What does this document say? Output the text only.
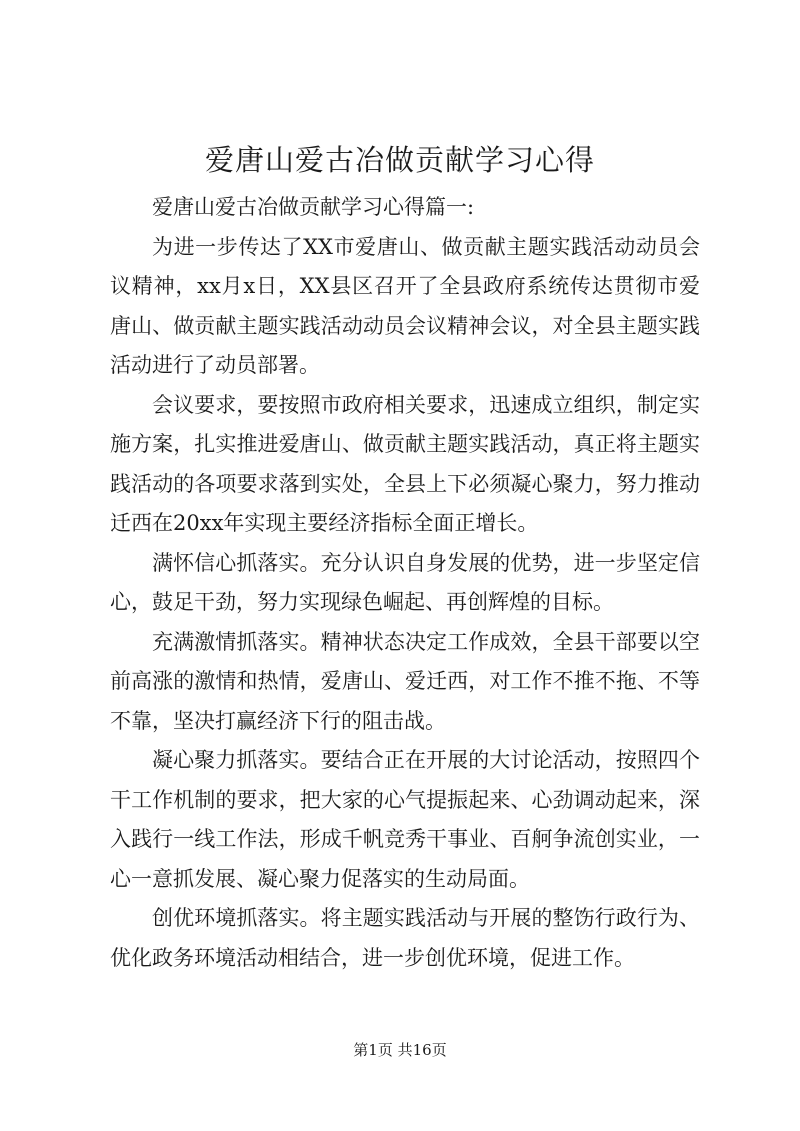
爱唐山爱古冶做贡献学习心得

爱唐山爱古冶做贡献学习心得篇一:

为进一步传达了XX市爱唐山、做贡献主题实践活动动员会议精神，xx月x日，XX县区召开了全县政府系统传达贯彻市爱唐山、做贡献主题实践活动动员会议精神会议，对全县主题实践活动进行了动员部署。

会议要求，要按照市政府相关要求，迅速成立组织，制定实施方案，扎实推进爱唐山、做贡献主题实践活动，真正将主题实践活动的各项要求落到实处，全县上下必须凝心聚力，努力推动迁西在20xx年实现主要经济指标全面正增长。

满怀信心抓落实。充分认识自身发展的优势，进一步坚定信心，鼓足干劲，努力实现绿色崛起、再创辉煌的目标。

充满激情抓落实。精神状态决定工作成效，全县干部要以空前高涨的激情和热情，爱唐山、爱迁西，对工作不推不拖、不等不靠，坚决打赢经济下行的阻击战。

凝心聚力抓落实。要结合正在开展的大讨论活动，按照四个干工作机制的要求，把大家的心气提振起来、心劲调动起来，深入践行一线工作法，形成千帆竞秀干事业、百舸争流创实业，一心一意抓发展、凝心聚力促落实的生动局面。

创优环境抓落实。将主题实践活动与开展的整饬行政行为、优化政务环境活动相结合，进一步创优环境，促进工作。

第1页 共16页
